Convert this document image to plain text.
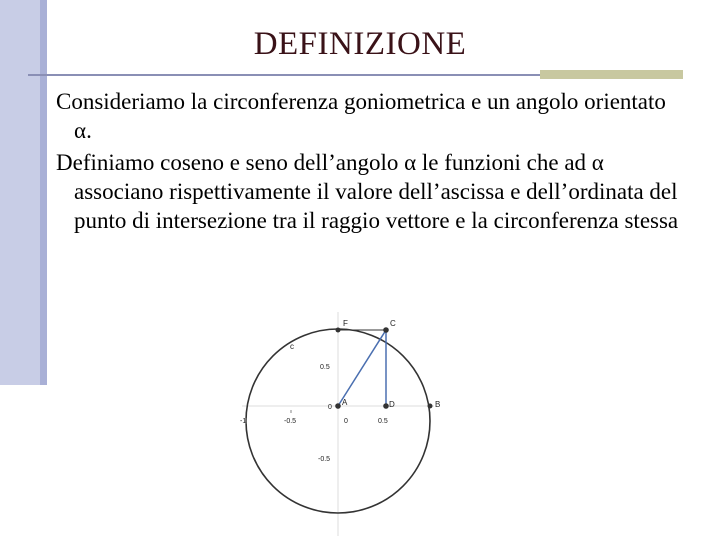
DEFINIZIONE

Consideriamo la circonferenza goniometrica e un angolo orientato α.

Definiamo coseno e seno dell’angolo α le funzioni che ad α associano rispettivamente il valore dell’ascissa e dell’ordinata del punto di intersezione tra il raggio vettore e la circonferenza stessa

F	C
c
A	D	B
0.5
0
-0.5
-1	-0.5	0	0.5
